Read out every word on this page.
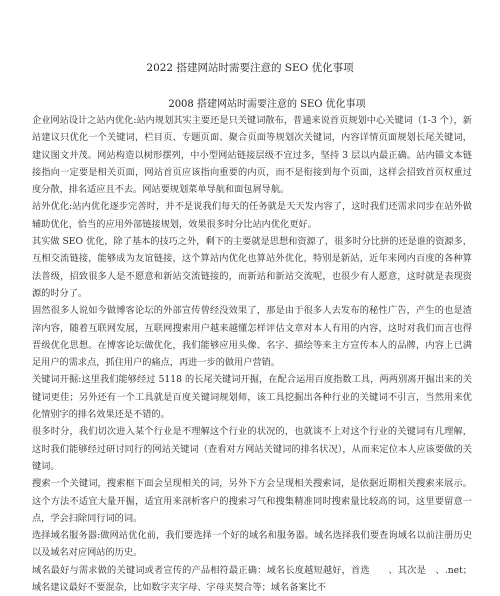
2022 搭建网站时需要注意的 SEO 优化事项
2008 搭建网站时需要注意的 SEO 优化事项

企业网站设计之站内优化:站内规划其实主要还是只关键词散布，普通来说首页规划中心关键词（1-3 个），新站建议只优化一个关键词，栏目页、专题页面、聚合页面等规划次关键词，内容详情页面规划长尾关键词，建议图文并茂。网站构造以树形摆列，中小型网站链接层级不宜过多，坚持 3 层以内最正确。站内锚文本链接指向一定要是相关页面，网站首页应该指向重要的内页，而不是衔接到每个页面，这样会招致首页权重过度分散，排名适应且不去。网站要规划菜单导航和面包屑导航。

站外优化:站内优化逐步完善时，并不是说我们每天的任务就是天天发内容了，这时我们还需求同步在站外做辅助优化，恰当的应用外部链接规划，效果很多时分比站内优化更好。

其实做 SEO 优化，除了基本的技巧之外，剩下的主要就是思想和资源了，很多时分比拼的还是谁的资源多，互相交流链接，能够成为友谊链接，这个算站内优化也算站外优化，特别是新站，近年来网内百度的各种算法普级，招致很多人是不愿意和新站交流链接的，而新站和新站交流呢，也很少有人愿意，这时就是表现资源的时分了。

固然很多人说如今做博客论坛的外部宣传曾经没效果了，那是由于很多人去发布的秘性广告，产生的也是渣滓内容，随着互联网发展，互联网搜索用户越来越懂怎样评估文章对本人有用的内容，这时对我们而言也得晋级优化思想。在博客论坛做优化，我们能够应用头像、名字、描绘等来主方宣传本人的品牌，内容上已满足用户的需求点，抓住用户的痛点，再进一步的做用户营销。

关键词开掘:这里我们能够经过 5118 的长尾关键词开掘，在配合运用百度指数工具，两两别离开掘出来的关键词更佳；另外还有一个工具就是百度关键词规划师，该工具挖掘出各种行业的关键词不引言，当然用来优化情别字的排名效果还是不错的。

很多时分，我们切次进入某个行业是不理解这个行业的状况的，也就谈不上对这个行业的关键词有几理解，这时我们能够经过研讨同行的网站关键词（查看对方网站关键词的排名状况），从而来定位本人应该要做的关键词。

搜索一个关键词，搜索框下面会呈现相关的词，另外下方会呈现相关搜索词，是依据近期相关搜索来展示。这个方法不适宜大量开掘，适宜用来剖析客户的搜索习气和搜集精准同时搜索量比较高的词，这里要留意一点，学会扫除同行词的词。

选择域名服务器:做网站优化前，我们要选择一个好的域名和服务器。域名选择我们要查询域名以前注册历史以及域名对应网站的历史。

域名最好与需求做的关键词或者宣传的产品相符最正确：域名长度越短越好，首选　　、其次是　、.net；域名建议最好不要混杂，比如数字夹字母、字母夹契合等；域名备案比不
